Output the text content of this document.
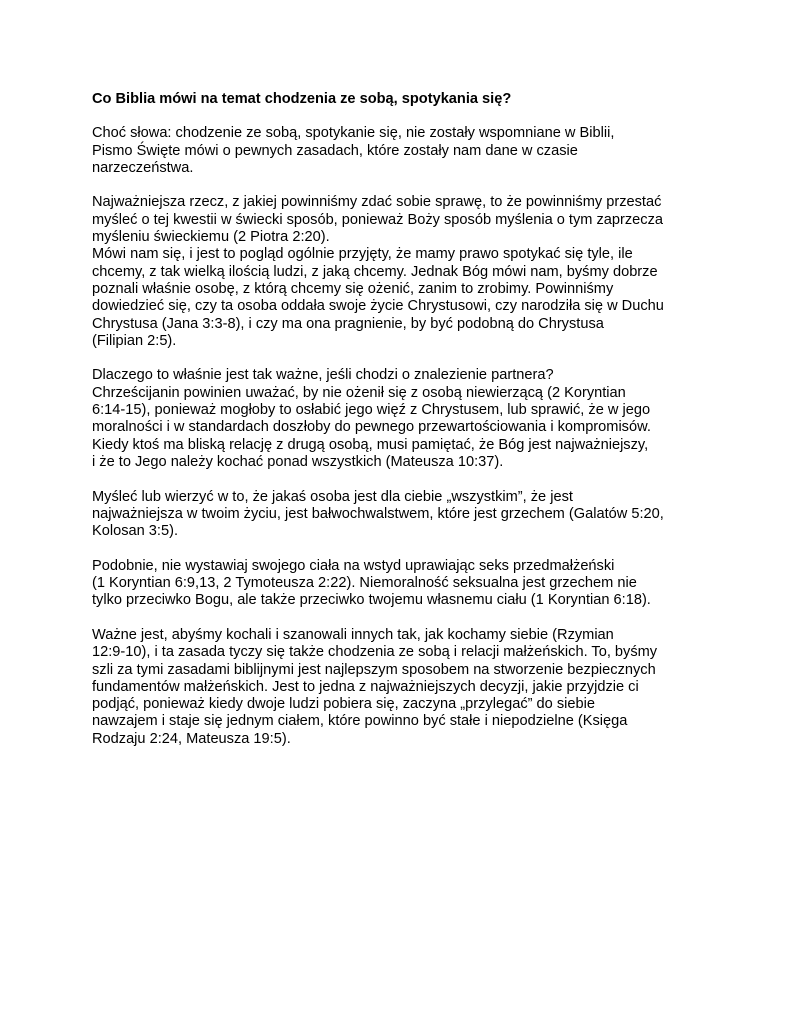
Co Biblia mówi na temat chodzenia ze sobą, spotykania się?
Choć słowa: chodzenie ze sobą, spotykanie się, nie zostały wspomniane w Biblii,
Pismo Święte mówi o pewnych zasadach, które zostały nam dane w czasie
narzeczeństwa.
Najważniejsza rzecz, z jakiej powinniśmy zdać sobie sprawę, to że powinniśmy przestać
myśleć o tej kwestii w świecki sposób, ponieważ Boży sposób myślenia o tym zaprzecza
myśleniu świeckiemu (2 Piotra 2:20).
Mówi nam się, i jest to pogląd ogólnie przyjęty, że mamy prawo spotykać się tyle, ile
chcemy, z tak wielką ilością ludzi, z jaką chcemy. Jednak Bóg mówi nam, byśmy dobrze
poznali właśnie osobę, z którą chcemy się ożenić, zanim to zrobimy. Powinniśmy
dowiedzieć się, czy ta osoba oddała swoje życie Chrystusowi, czy narodziła się w Duchu
Chrystusa (Jana 3:3-8), i czy ma ona pragnienie, by być podobną do Chrystusa
(Filipian 2:5).
Dlaczego to właśnie jest tak ważne, jeśli chodzi o znalezienie partnera?
Chrześcijanin powinien uważać, by nie ożenił się z osobą niewierzącą (2 Koryntian
6:14-15), ponieważ mogłoby to osłabić jego więź z Chrystusem, lub sprawić, że w jego
moralności i w standardach doszłoby do pewnego przewartościowania i kompromisów.
Kiedy ktoś ma bliską relację z drugą osobą, musi pamiętać, że Bóg jest najważniejszy,
i że to Jego należy kochać ponad wszystkich (Mateusza 10:37).
Myśleć lub wierzyć w to, że jakaś osoba jest dla ciebie „wszystkim”, że jest
najważniejsza w twoim życiu, jest bałwochwalstwem, które jest grzechem (Galatów 5:20,
Kolosan 3:5).
Podobnie, nie wystawiaj swojego ciała na wstyd uprawiając seks przedmałżeński
(1 Koryntian 6:9,13, 2 Tymoteusza 2:22). Niemoralność seksualna jest grzechem nie
tylko przeciwko Bogu, ale także przeciwko twojemu własnemu ciału (1 Koryntian 6:18).
Ważne jest, abyśmy kochali i szanowali innych tak, jak kochamy siebie (Rzymian
12:9-10), i ta zasada tyczy się także chodzenia ze sobą i relacji małżeńskich. To, byśmy
szli za tymi zasadami biblijnymi jest najlepszym sposobem na stworzenie bezpiecznych
fundamentów małżeńskich. Jest to jedna z najważniejszych decyzji, jakie przyjdzie ci
podjąć, ponieważ kiedy dwoje ludzi pobiera się, zaczyna „przylegać” do siebie
nawzajem i staje się jednym ciałem, które powinno być stałe i niepodzielne (Księga
Rodzaju 2:24, Mateusza 19:5).
